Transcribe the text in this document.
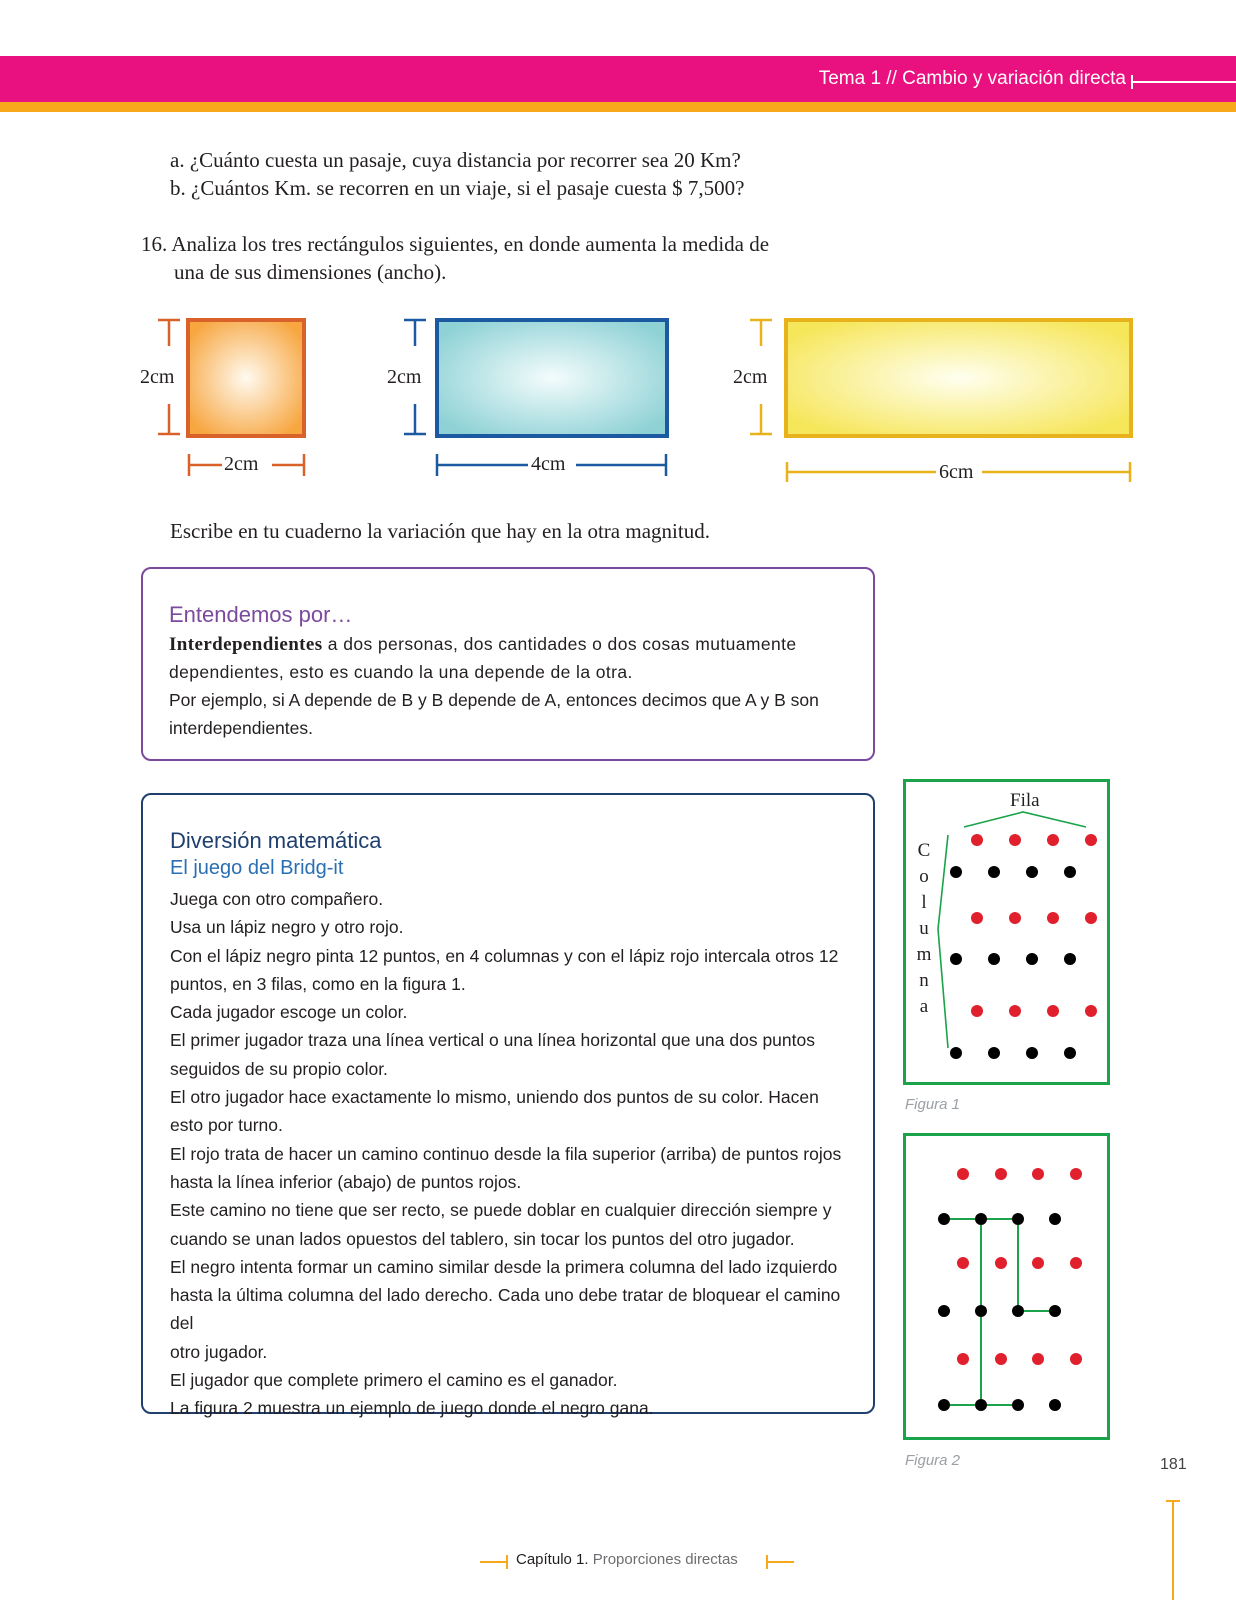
Tema 1 // Cambio y variación directa
a. ¿Cuánto cuesta un pasaje, cuya distancia por recorrer sea 20 Km?
b. ¿Cuántos Km. se recorren en un viaje, si el pasaje cuesta $ 7,500?
16. Analiza los tres rectángulos siguientes, en donde aumenta la medida de
una de sus dimensiones (ancho).
2cm
2cm
2cm
4cm
2cm
6cm
Escribe en tu cuaderno la variación que hay en la otra magnitud.
Entendemos por…
Interdependientes a dos personas, dos cantidades o dos cosas mutuamente
dependientes, esto es cuando la una depende de la otra.
Por ejemplo, si A depende de B y B depende de A, entonces decimos que A y B son
interdependientes.
Diversión matemática
El juego del Bridg-it
Juega con otro compañero.
Usa un lápiz negro y otro rojo.
Con el lápiz negro pinta 12 puntos, en 4 columnas y con el lápiz rojo intercala otros 12
puntos, en 3 filas, como en la figura 1.
Cada jugador escoge un color.
El primer jugador traza una línea vertical o una línea horizontal que una dos puntos
seguidos de su propio color.
El otro jugador hace exactamente lo mismo, uniendo dos puntos de su color. Hacen
esto por turno.
El rojo trata de hacer un camino continuo desde la fila superior (arriba) de puntos rojos
hasta la línea inferior (abajo) de puntos rojos.
Este camino no tiene que ser recto, se puede doblar en cualquier dirección siempre y
cuando se unan lados opuestos del tablero, sin tocar los puntos del otro jugador.
El negro intenta formar un camino similar desde la primera columna del lado izquierdo
hasta la última columna del lado derecho. Cada uno debe tratar de bloquear el camino del
otro jugador.
El jugador que complete primero el camino es el ganador.
La figura 2 muestra un ejemplo de juego donde el negro gana.
Fila
C
o
l
u
m
n
a
Figura 1
Figura 2	181
Capítulo 1. Proporciones directas
